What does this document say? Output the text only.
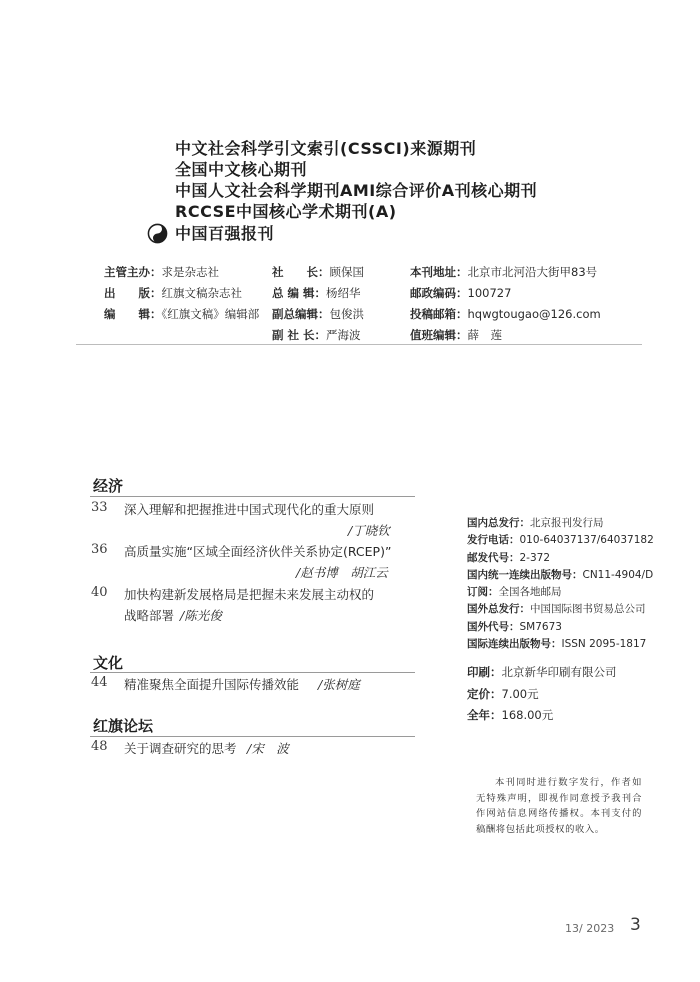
中文社会科学引文索引(CSSCI)来源期刊
全国中文核心期刊
中国人文社会科学期刊AMI综合评价A刊核心期刊
RCCSE中国核心学术期刊(A)
中国百强报刊
主管主办：求是杂志社
出　　版：红旗文稿杂志社
编　　辑：《红旗文稿》编辑部
社　　长：顾保国
总 编 辑：杨绍华
副总编辑：包俊洪
副 社 长：严海波
本刊地址：北京市北河沿大街甲83号
邮政编码：100727
投稿邮箱：hqwgtougao@126.com
值班编辑：薛　莲
经济
33 深入理解和把握推进中国式现代化的重大原则
/丁晓钦
36 高质量实施“区域全面经济伙伴关系协定(RCEP)”
/赵书博　胡江云
40 加快构建新发展格局是把握未来发展主动权的
战略部署 /陈光俊
文化
44 精准聚焦全面提升国际传播效能 /张树庭
红旗论坛
48 关于调查研究的思考 /宋　波
国内总发行：北京报刊发行局
发行电话：010-64037137/64037182
邮发代号：2-372
国内统一连续出版物号：CN11-4904/D
订阅：全国各地邮局
国外总发行：中国国际图书贸易总公司
国外代号：SM7673
国际连续出版物号：ISSN 2095-1817
印刷：北京新华印刷有限公司
定价：7.00元
全年：168.00元
本刊同时进行数字发行，作者如无特殊声明，即视作同意授予我刊合作网站信息网络传播权。本刊支付的稿酬将包括此项授权的收入。
13/ 2023 3
